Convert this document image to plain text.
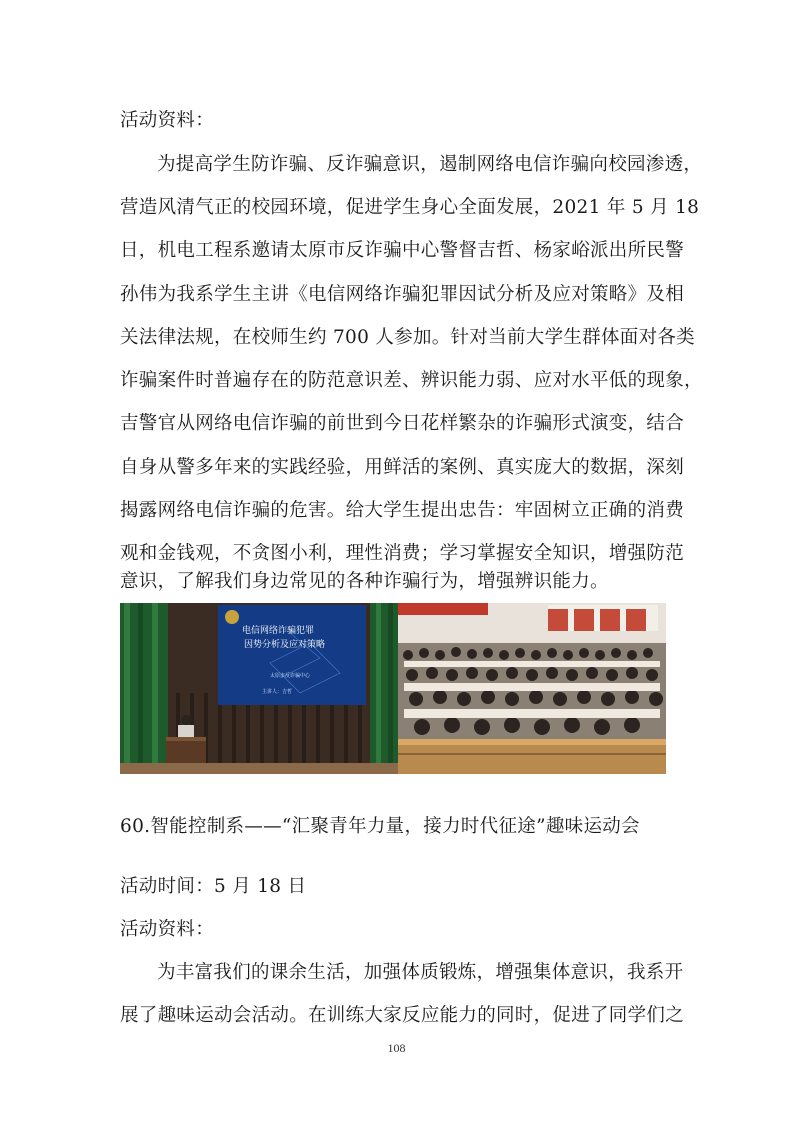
活动资料：
为提高学生防诈骗、反诈骗意识，遏制网络电信诈骗向校园渗透，
营造风清气正的校园环境，促进学生身心全面发展，2021 年 5 月 18
日，机电工程系邀请太原市反诈骗中心警督吉哲、杨家峪派出所民警
孙伟为我系学生主讲《电信网络诈骗犯罪因试分析及应对策略》及相
关法律法规，在校师生约 700 人参加。针对当前大学生群体面对各类
诈骗案件时普遍存在的防范意识差、辨识能力弱、应对水平低的现象，
吉警官从网络电信诈骗的前世到今日花样繁杂的诈骗形式演变，结合
自身从警多年来的实践经验，用鲜活的案例、真实庞大的数据，深刻
揭露网络电信诈骗的危害。给大学生提出忠告：牢固树立正确的消费
观和金钱观，不贪图小利，理性消费；学习掌握安全知识，增强防范
意识，了解我们身边常见的各种诈骗行为，增强辨识能力。
电信网络诈骗犯罪
因势分析及应对策略
太原市反诈骗中心
主讲人：吉哲
60.智能控制系——“汇聚青年力量，接力时代征途”趣味运动会
活动时间：5 月 18 日
活动资料：
为丰富我们的课余生活，加强体质锻炼，增强集体意识，我系开
展了趣味运动会活动。在训练大家反应能力的同时，促进了同学们之
108
